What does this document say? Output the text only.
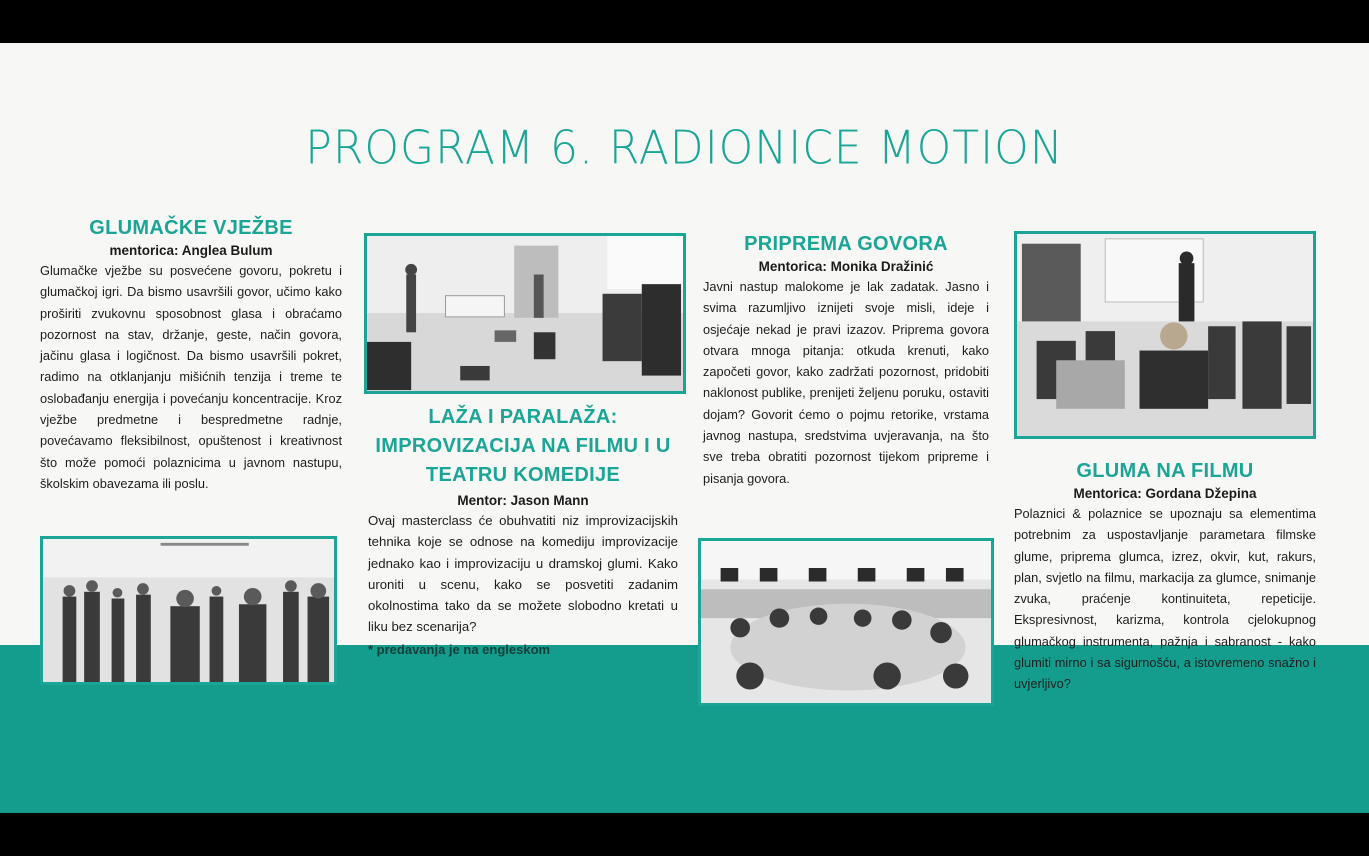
PROGRAM 6. RADIONICE MOTION
GLUMAČKE VJEŽBE
mentorica: Anglea Bulum
Glumačke vježbe su posvećene govoru, pokretu i glumačkoj igri. Da bismo usavršili govor, učimo kako proširiti zvukovnu sposobnost glasa i obraćamo pozornost na stav, držanje, geste, način govora, jačinu glasa i logičnost. Da bismo usavršili pokret, radimo na otklanjanju mišićnih tenzija i treme te oslobađanju energija i povećanju koncentracije. Kroz vježbe predmetne i bespredmetne radnje, povećavamo fleksibilnost, opuštenost i kreativnost što može pomoći polaznicima u javnom nastupu, školskim obavezama ili poslu.
LAŽA I PARALAŽA: IMPROVIZACIJA NA FILMU I U TEATRU KOMEDIJE
Mentor: Jason Mann
Ovaj masterclass će obuhvatiti niz improvizacijskih tehnika koje se odnose na komediju improvizacije jednako kao i improvizaciju u dramskoj glumi. Kako uroniti u scenu, kako se posvetiti zadanim okolnostima tako da se možete slobodno kretati u liku bez scenarija?
* predavanja je na engleskom
PRIPREMA GOVORA
Mentorica: Monika Dražinić
Javni nastup malokome je lak zadatak. Jasno i svima razumljivo iznijeti svoje misli, ideje i osjećaje nekad je pravi izazov. Priprema govora otvara mnoga pitanja: otkuda krenuti, kako započeti govor, kako zadržati pozornost, pridobiti naklonost publike, prenijeti željenu poruku, ostaviti dojam? Govorit ćemo o pojmu retorike, vrstama javnog nastupa, sredstvima uvjeravanja, na što sve treba obratiti pozornost tijekom pripreme i pisanja govora.	GLUMA NA FILMU
Mentorica: Gordana Džepina
Polaznici & polaznice se upoznaju sa elementima potrebnim za uspostavljanje parametara filmske glume, priprema glumca, izrez, okvir, kut, rakurs, plan, svjetlo na filmu, markacija za glumce, snimanje zvuka, praćenje kontinuiteta, repeticije. Ekspresivnost, karizma, kontrola cjelokupnog glumačkog instrumenta, pažnja i sabranost - kako glumiti mirno i sa sigurnošću, a istovremeno snažno i uvjerljivo?
